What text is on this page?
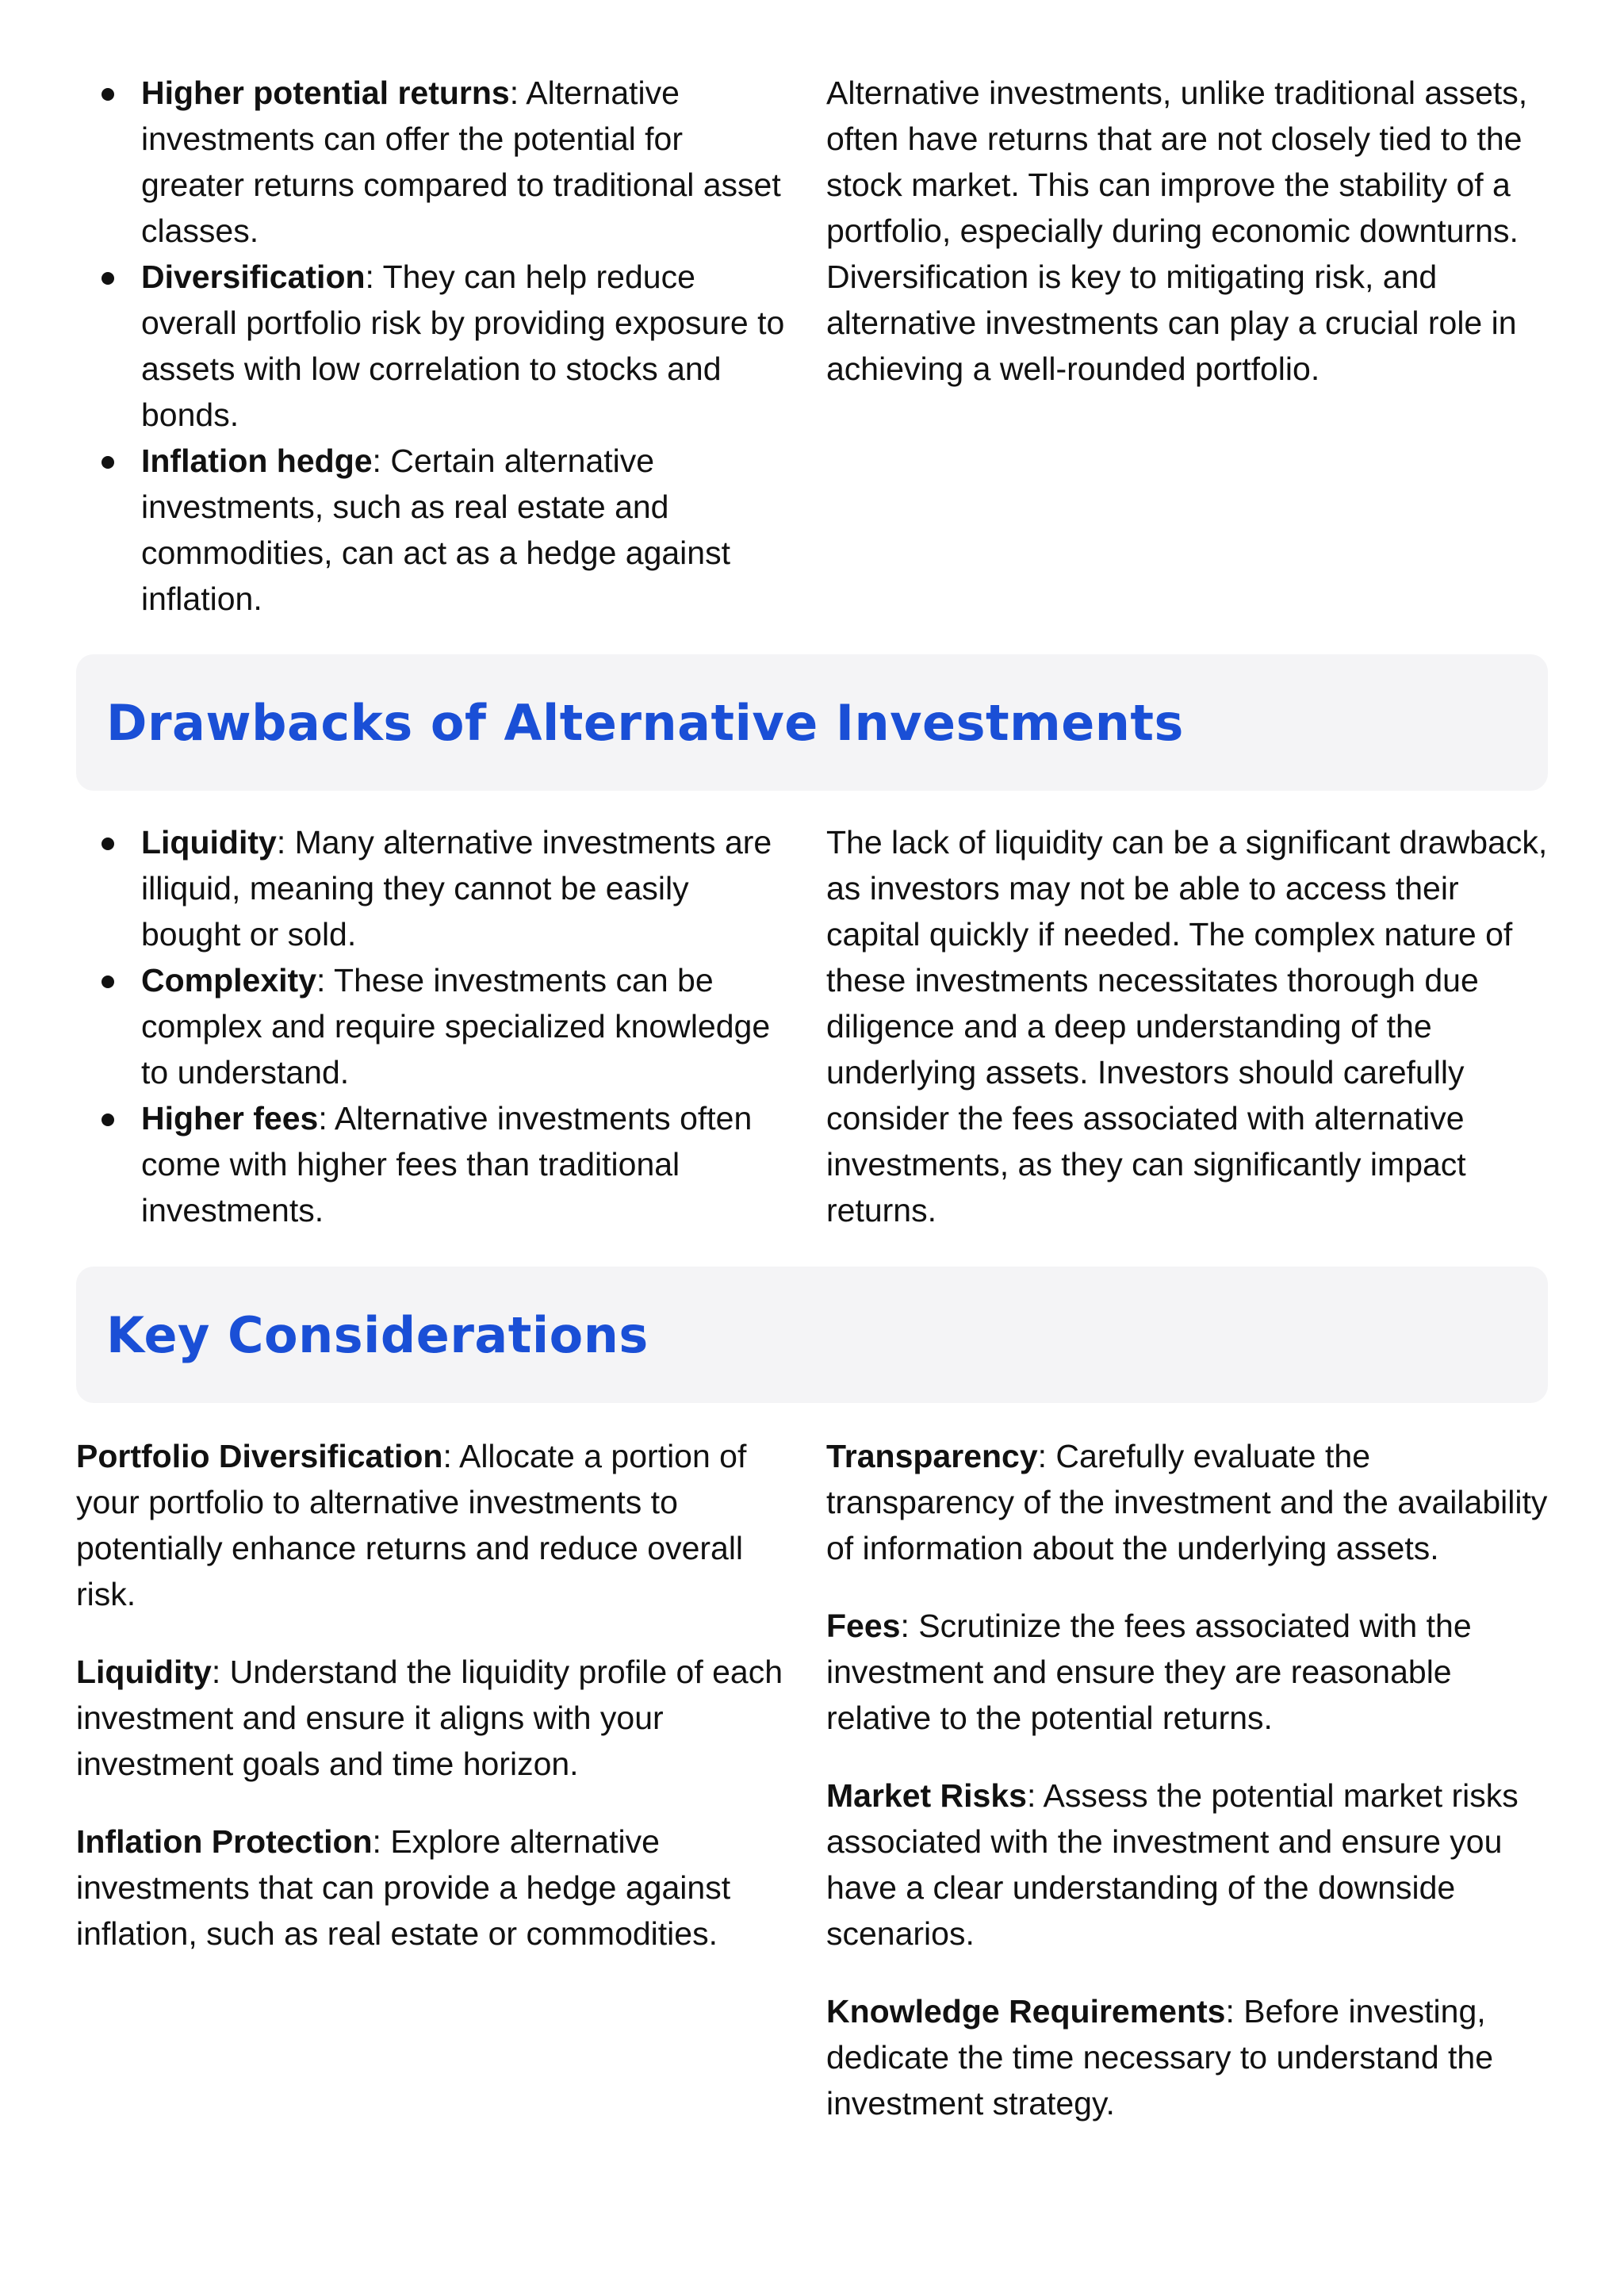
Higher potential returns: Alternative investments can offer the potential for greater returns compared to traditional asset classes.
Diversification: They can help reduce overall portfolio risk by providing exposure to assets with low correlation to stocks and bonds.
Inflation hedge: Certain alternative investments, such as real estate and commodities, can act as a hedge against inflation.

Alternative investments, unlike traditional assets, often have returns that are not closely tied to the stock market. This can improve the stability of a portfolio, especially during economic downturns. Diversification is key to mitigating risk, and alternative investments can play a crucial role in achieving a well-rounded portfolio.

Drawbacks of Alternative Investments
Liquidity: Many alternative investments are illiquid, meaning they cannot be easily bought or sold.
Complexity: These investments can be complex and require specialized knowledge to understand.
Higher fees: Alternative investments often come with higher fees than traditional investments.

The lack of liquidity can be a significant drawback, as investors may not be able to access their capital quickly if needed. The complex nature of these investments necessitates thorough due diligence and a deep understanding of the underlying assets. Investors should carefully consider the fees associated with alternative investments, as they can significantly impact returns.

Key Considerations

Portfolio Diversification: Allocate a portion of your portfolio to alternative investments to potentially enhance returns and reduce overall risk.

Liquidity: Understand the liquidity profile of each investment and ensure it aligns with your investment goals and time horizon.

Inflation Protection: Explore alternative investments that can provide a hedge against inflation, such as real estate or commodities.

Transparency: Carefully evaluate the transparency of the investment and the availability of information about the underlying assets.

Fees: Scrutinize the fees associated with the investment and ensure they are reasonable relative to the potential returns.

Market Risks: Assess the potential market risks associated with the investment and ensure you have a clear understanding of the downside scenarios.

Knowledge Requirements: Before investing, dedicate the time necessary to understand the investment strategy.
